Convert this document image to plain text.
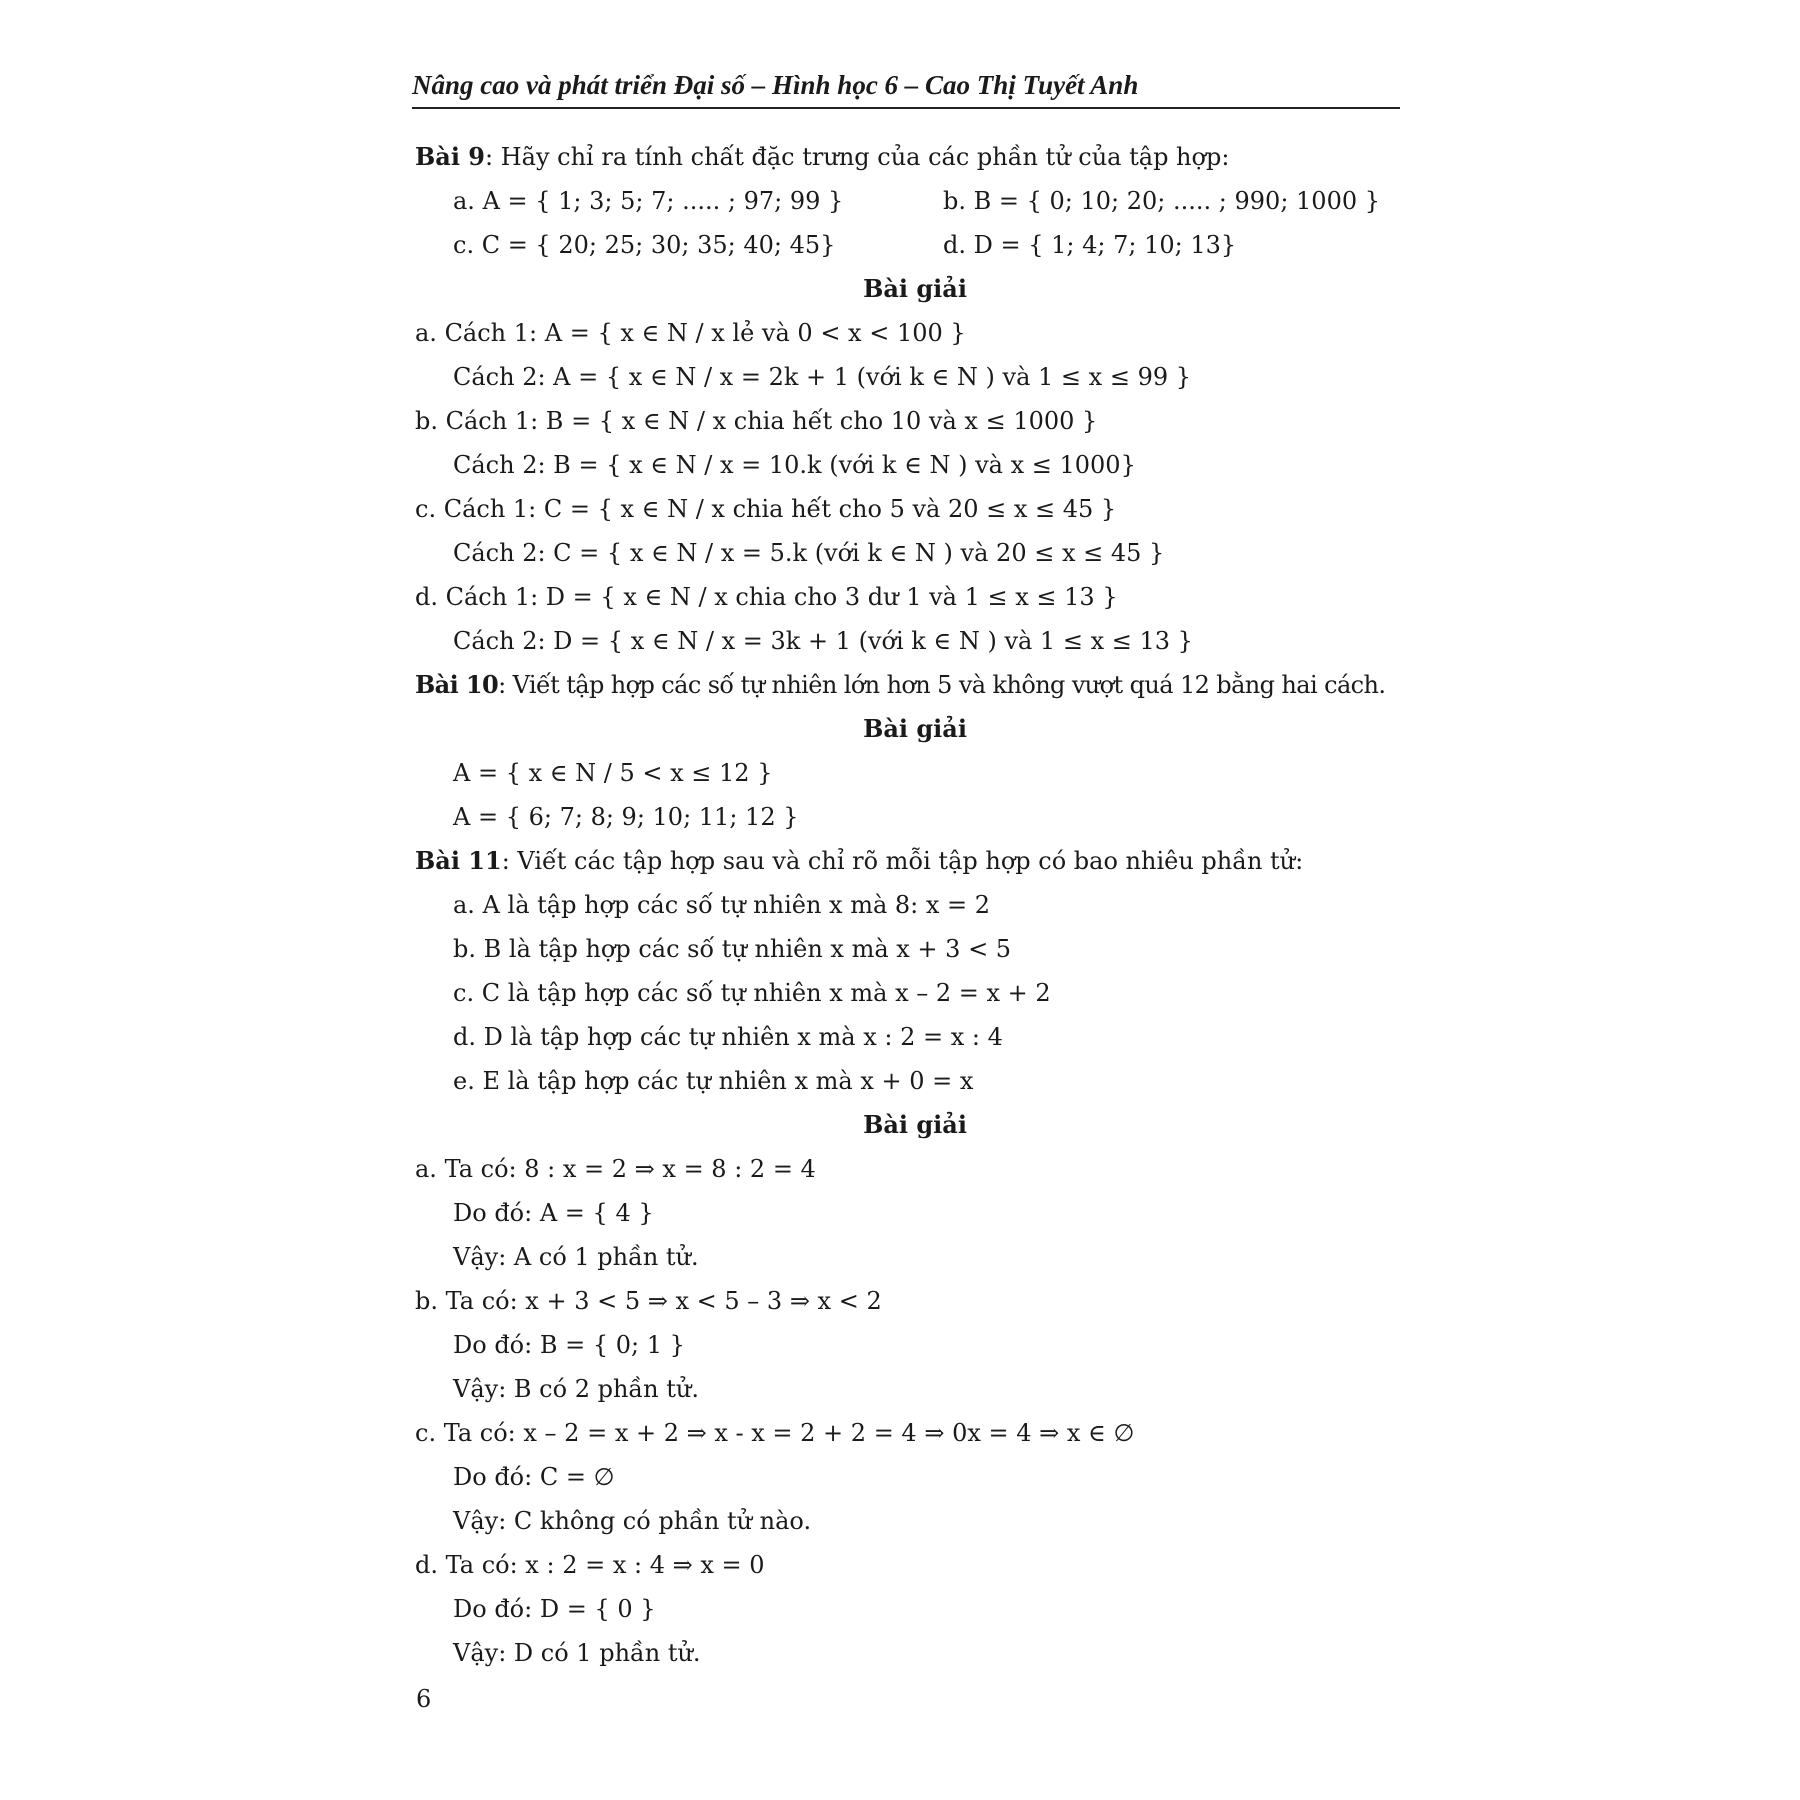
Nâng cao và phát triển Đại số – Hình học 6 – Cao Thị Tuyết Anh
Bài 9: Hãy chỉ ra tính chất đặc trưng của các phần tử của tập hợp:
a. A = { 1; 3; 5; 7; ..... ; 97; 99 }	b. B = { 0; 10; 20; ..... ; 990; 1000 }
c. C = { 20; 25; 30; 35; 40; 45}	d. D = { 1; 4; 7; 10; 13}
Bài giải
a. Cách 1: A = { x ∈ N / x lẻ và 0 < x < 100 }
Cách 2: A = { x ∈ N / x = 2k + 1 (với k ∈ N ) và 1 ≤ x ≤ 99 }
b. Cách 1: B = { x ∈ N / x chia hết cho 10 và x ≤ 1000 }
Cách 2: B = { x ∈ N / x = 10.k (với k ∈ N ) và x ≤ 1000}
c. Cách 1: C = { x ∈ N / x chia hết cho 5 và 20 ≤ x ≤ 45 }
Cách 2: C = { x ∈ N / x = 5.k (với k ∈ N ) và 20 ≤ x ≤ 45 }
d. Cách 1: D = { x ∈ N / x chia cho 3 dư 1 và 1 ≤ x ≤ 13 }
Cách 2: D = { x ∈ N / x = 3k + 1 (với k ∈ N ) và 1 ≤ x ≤ 13 }
Bài 10: Viết tập hợp các số tự nhiên lớn hơn 5 và không vượt quá 12 bằng hai cách.
Bài giải
A = { x ∈ N / 5 < x ≤ 12 }
A = { 6; 7; 8; 9; 10; 11; 12 }
Bài 11: Viết các tập hợp sau và chỉ rõ mỗi tập hợp có bao nhiêu phần tử:
a. A là tập hợp các số tự nhiên x mà 8: x = 2
b. B là tập hợp các số tự nhiên x mà x + 3 < 5
c. C là tập hợp các số tự nhiên x mà x – 2 = x + 2
d. D là tập hợp các tự nhiên x mà x : 2 = x : 4
e. E là tập hợp các tự nhiên x mà x + 0 = x
Bài giải
a. Ta có: 8 : x = 2 ⇒ x = 8 : 2 = 4
Do đó: A = { 4 }
Vậy: A có 1 phần tử.
b. Ta có: x + 3 < 5 ⇒ x < 5 – 3 ⇒ x < 2
Do đó: B = { 0; 1 }
Vậy: B có 2 phần tử.
c. Ta có: x – 2 = x + 2 ⇒ x - x = 2 + 2 = 4 ⇒ 0x = 4 ⇒ x ∈ ∅
Do đó: C = ∅
Vậy: C không có phần tử nào.
d. Ta có: x : 2 = x : 4 ⇒ x = 0
Do đó: D = { 0 }
Vậy: D có 1 phần tử.
6
